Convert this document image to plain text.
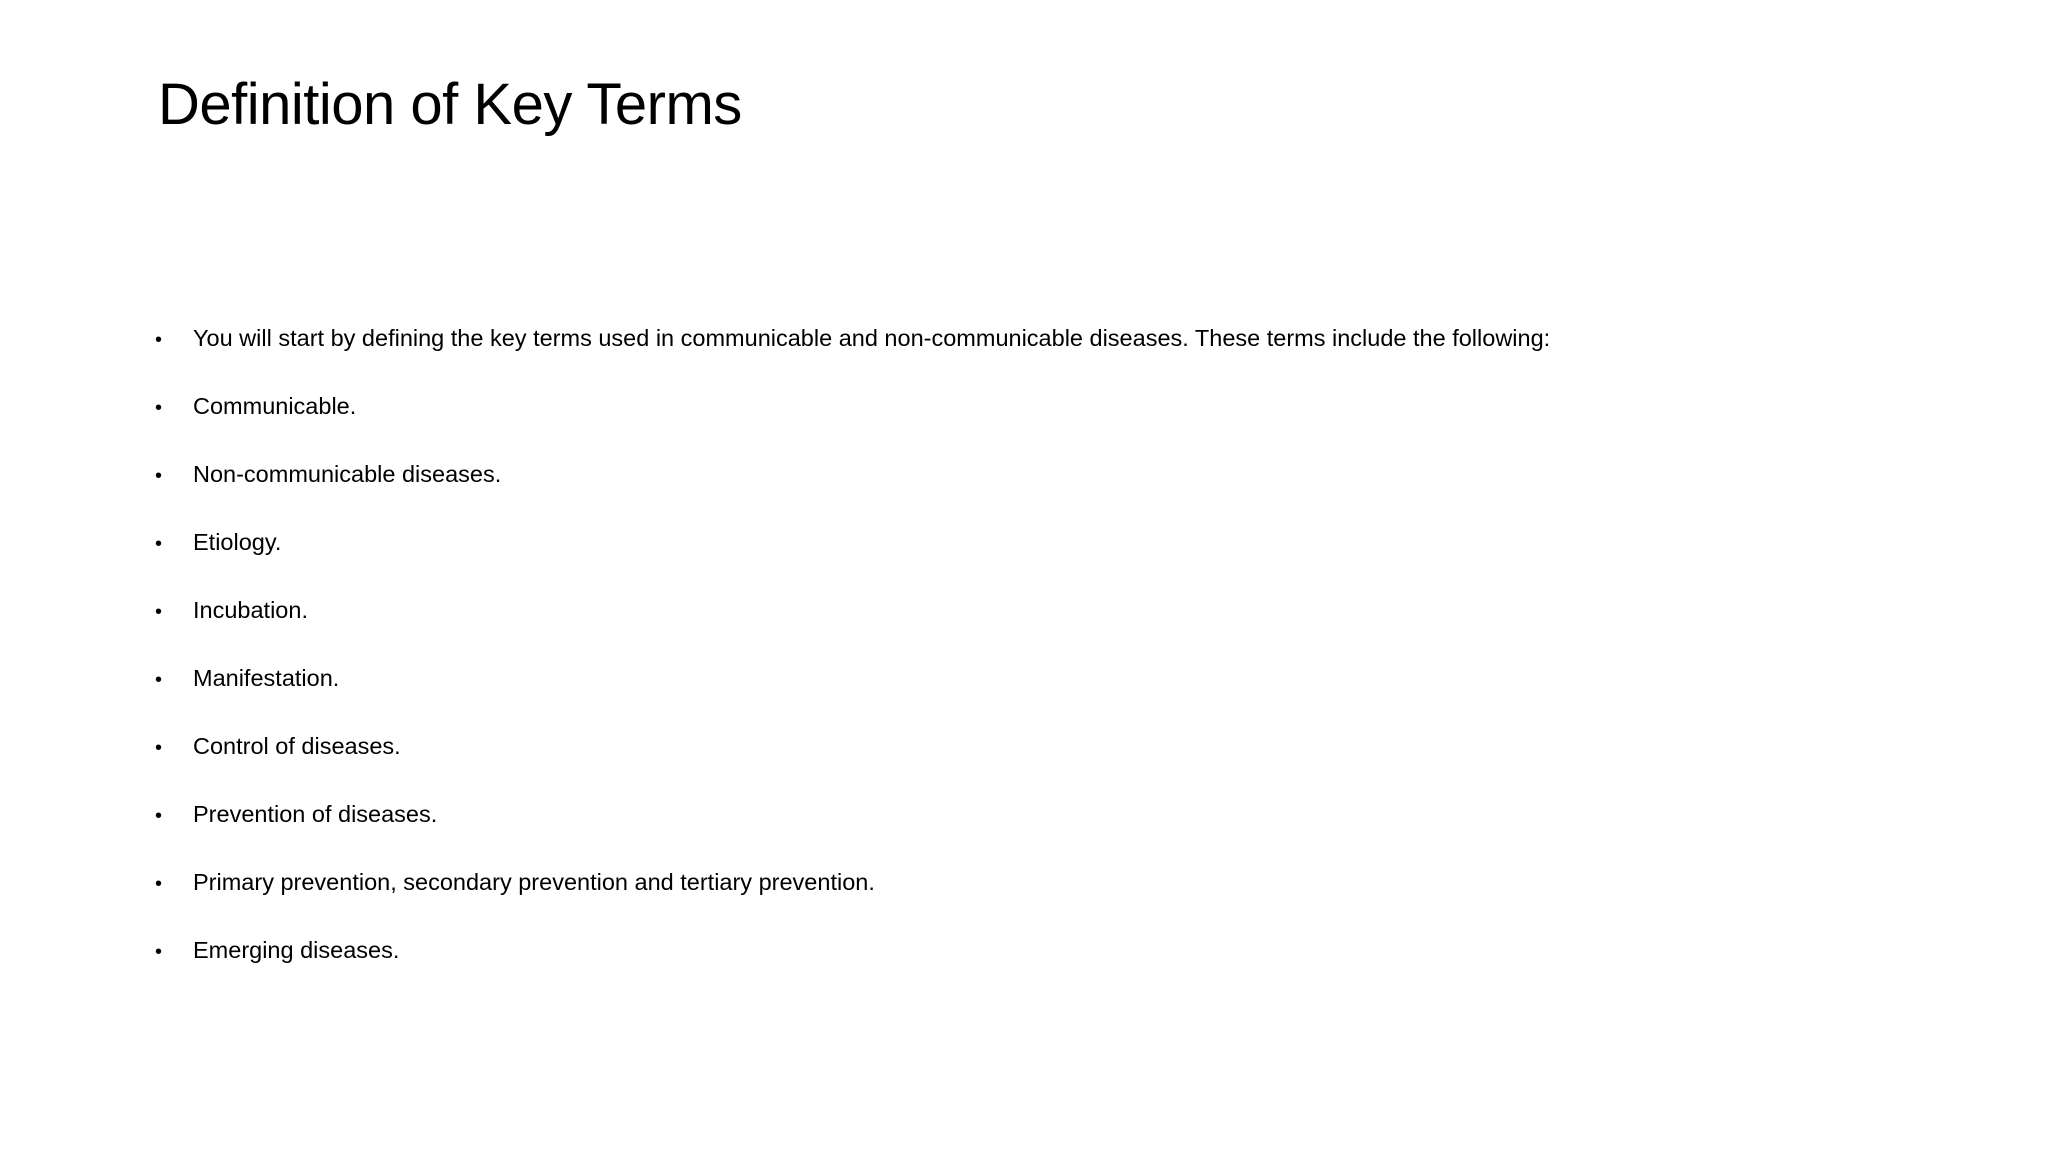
Definition of Key Terms
•	You will start by defining the key terms used in communicable and non-communicable diseases. These terms include the following:
•	Communicable.
•	Non-communicable diseases.
•	Etiology.
•	Incubation.
•	Manifestation.
•	Control of diseases.
•	Prevention of diseases.
•	Primary prevention, secondary prevention and tertiary prevention.
•	Emerging diseases.
